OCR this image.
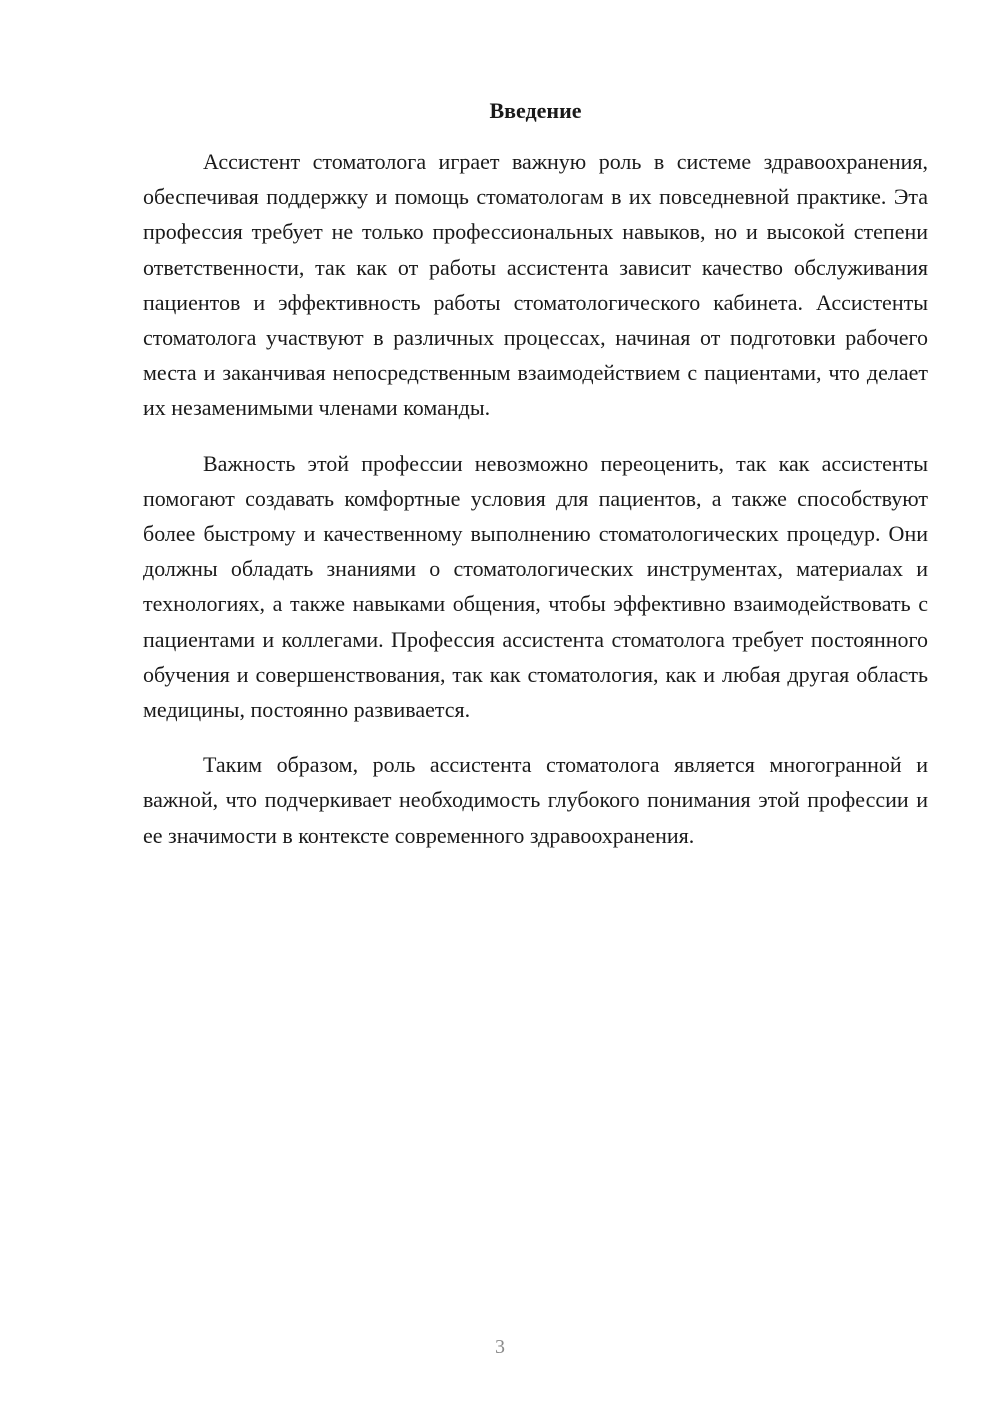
Введение

Ассистент стоматолога играет важную роль в системе здравоохранения, обеспечивая поддержку и помощь стоматологам в их повседневной практике. Эта профессия требует не только профессиональных навыков, но и высокой степени ответственности, так как от работы ассистента зависит качество обслуживания пациентов и эффективность работы стоматологического кабинета. Ассистенты стоматолога участвуют в различных процессах, начиная от подготовки рабочего места и заканчивая непосредственным взаимодействием с пациентами, что делает их незаменимыми членами команды.

Важность этой профессии невозможно переоценить, так как ассистенты помогают создавать комфортные условия для пациентов, а также способствуют более быстрому и качественному выполнению стоматологических процедур. Они должны обладать знаниями о стоматологических инструментах, материалах и технологиях, а также навыками общения, чтобы эффективно взаимодействовать с пациентами и коллегами. Профессия ассистента стоматолога требует постоянного обучения и совершенствования, так как стоматология, как и любая другая область медицины, постоянно развивается.

Таким образом, роль ассистента стоматолога является многогранной и важной, что подчеркивает необходимость глубокого понимания этой профессии и ее значимости в контексте современного здравоохранения.

3
